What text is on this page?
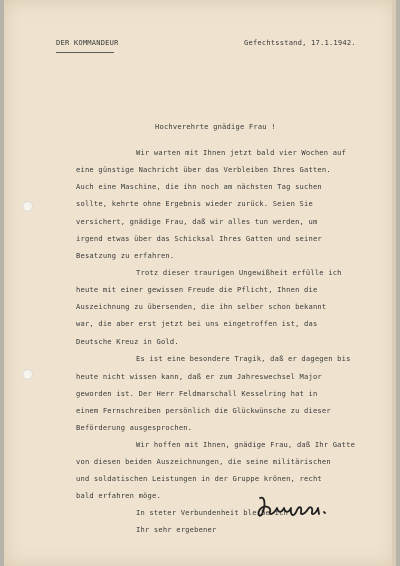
DER KOMMANDEUR	Gefechtsstand, 17.1.1942.
Hochverehrte gnädige Frau !
Wir warten mit Ihnen jetzt bald vier Wochen auf
eine günstige Nachricht über das Verbleiben Ihres Gatten.
Auch eine Maschine, die ihn noch am nächsten Tag suchen
sollte, kehrte ohne Ergebnis wieder zurück. Seien Sie
versichert, gnädige Frau, daß wir alles tun werden, um
irgend etwas über das Schicksal Ihres Gatten und seiner
Besatzung zu erfahren.
Trotz dieser traurigen Ungewißheit erfülle ich
heute mit einer gewissen Freude die Pflicht, Ihnen die
Auszeichnung zu übersenden, die ihn selber schon bekannt
war, die aber erst jetzt bei uns eingetroffen ist, das
Deutsche Kreuz in Gold.
Es ist eine besondere Tragik, daß er dagegen bis
heute nicht wissen kann, daß er zum Jahreswechsel Major
geworden ist. Der Herr Feldmarschall Kesselring hat in
einem Fernschreiben persönlich die Glückwünsche zu dieser
Beförderung ausgesprochen.
Wir hoffen mit Ihnen, gnädige Frau, daß Ihr Gatte
von diesen beiden Auszeichnungen, die seine militärischen
und soldatischen Leistungen in der Gruppe krönen, recht
bald erfahren möge.
In steter Verbundenheit bleibe ich
Ihr sehr ergebener
